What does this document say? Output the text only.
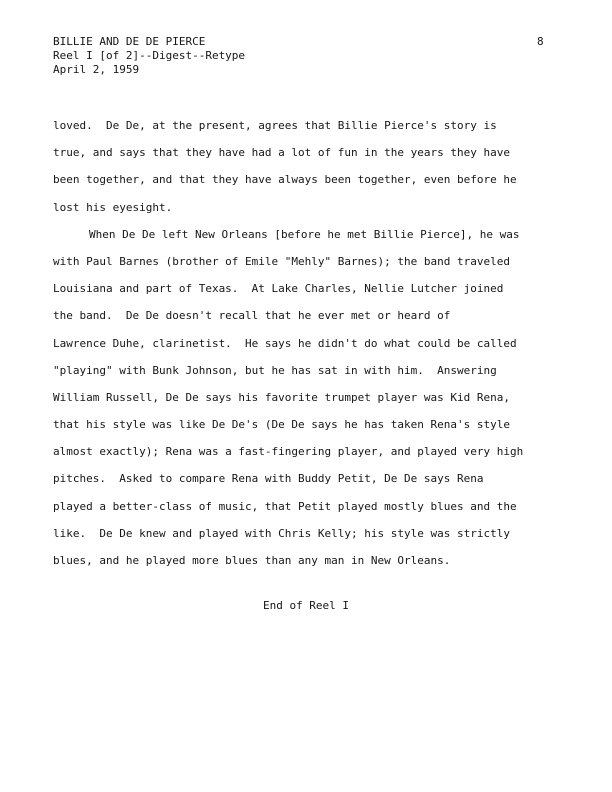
BILLIE AND DE DE PIERCE
Reel I [of 2]--Digest--Retype
April 2, 1959
8
loved.  De De, at the present, agrees that Billie Pierce's story is
true, and says that they have had a lot of fun in the years they have
been together, and that they have always been together, even before he
lost his eyesight.
When De De left New Orleans [before he met Billie Pierce], he was
with Paul Barnes (brother of Emile "Mehly" Barnes); the band traveled
Louisiana and part of Texas.  At Lake Charles, Nellie Lutcher joined
the band.  De De doesn't recall that he ever met or heard of
Lawrence Duhe, clarinetist.  He says he didn't do what could be called
"playing" with Bunk Johnson, but he has sat in with him.  Answering
William Russell, De De says his favorite trumpet player was Kid Rena,
that his style was like De De's (De De says he has taken Rena's style
almost exactly); Rena was a fast-fingering player, and played very high
pitches.  Asked to compare Rena with Buddy Petit, De De says Rena
played a better-class of music, that Petit played mostly blues and the
like.  De De knew and played with Chris Kelly; his style was strictly
blues, and he played more blues than any man in New Orleans.
End of Reel I
